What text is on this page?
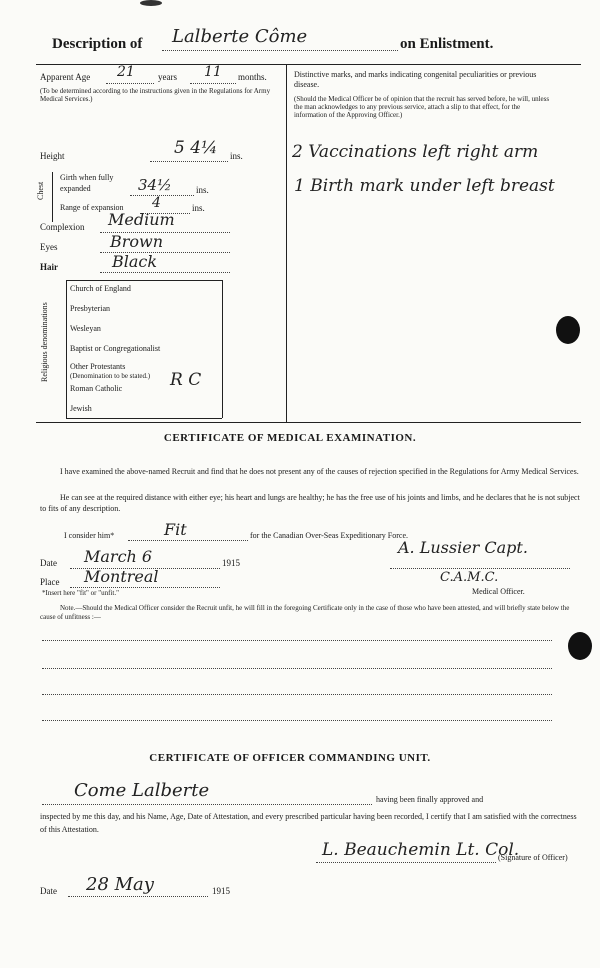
Description of Lalberte Côme	on Enlistment.
Apparent Age 21	years 11 months.
(To be determined according to the instructions given in the Regulations for Army Medical Services.)
Height	5 4¼ ins.
Chest
Girth when fully expanded	34½	ins.
Range of expansion 4	ins.
Complexion Medium
Eyes	Brown
Hair	Black
Religious denominations
Church of England
Presbyterian
Wesleyan
Baptist or Congregationalist
Other Protestants
(Denomination to be stated.)
Roman Catholic	R C
Jewish
Distinctive marks, and marks indicating congenital peculiarities or previous disease.
(Should the Medical Officer be of opinion that the recruit has served before, he will, unless the man acknowledges to any previous service, attach a slip to that effect, for the information of the Approving Officer.)
2 Vaccinations left right arm
1 Birth mark under left breast
CERTIFICATE OF MEDICAL EXAMINATION.
I have examined the above-named Recruit and find that he does not present any of the causes of rejection specified in the Regulations for Army Medical Services.
He can see at the required distance with either eye; his heart and lungs are healthy; he has the free use of his joints and limbs, and he declares that he is not subject to fits of any description.
I consider him*	Fit	for the Canadian Over-Seas Expeditionary Force.
Date March 6	1915
Place Montreal
A. Lussier Capt.
C.A.M.C.
Medical Officer.
*Insert here "fit" or "unfit."
Note.—Should the Medical Officer consider the Recruit unfit, he will fill in the foregoing Certificate only in the case of those who have been attested, and will briefly state below the cause of unfitness :—
CERTIFICATE OF OFFICER COMMANDING UNIT.
Come Lalberte	having been finally approved and
inspected by me this day, and his Name, Age, Date of Attestation, and every prescribed particular having been recorded, I certify that I am satisfied with the correctness of this Attestation.
L. Beauchemin Lt. Col.
(Signature of Officer)
Date 28 May	1915
